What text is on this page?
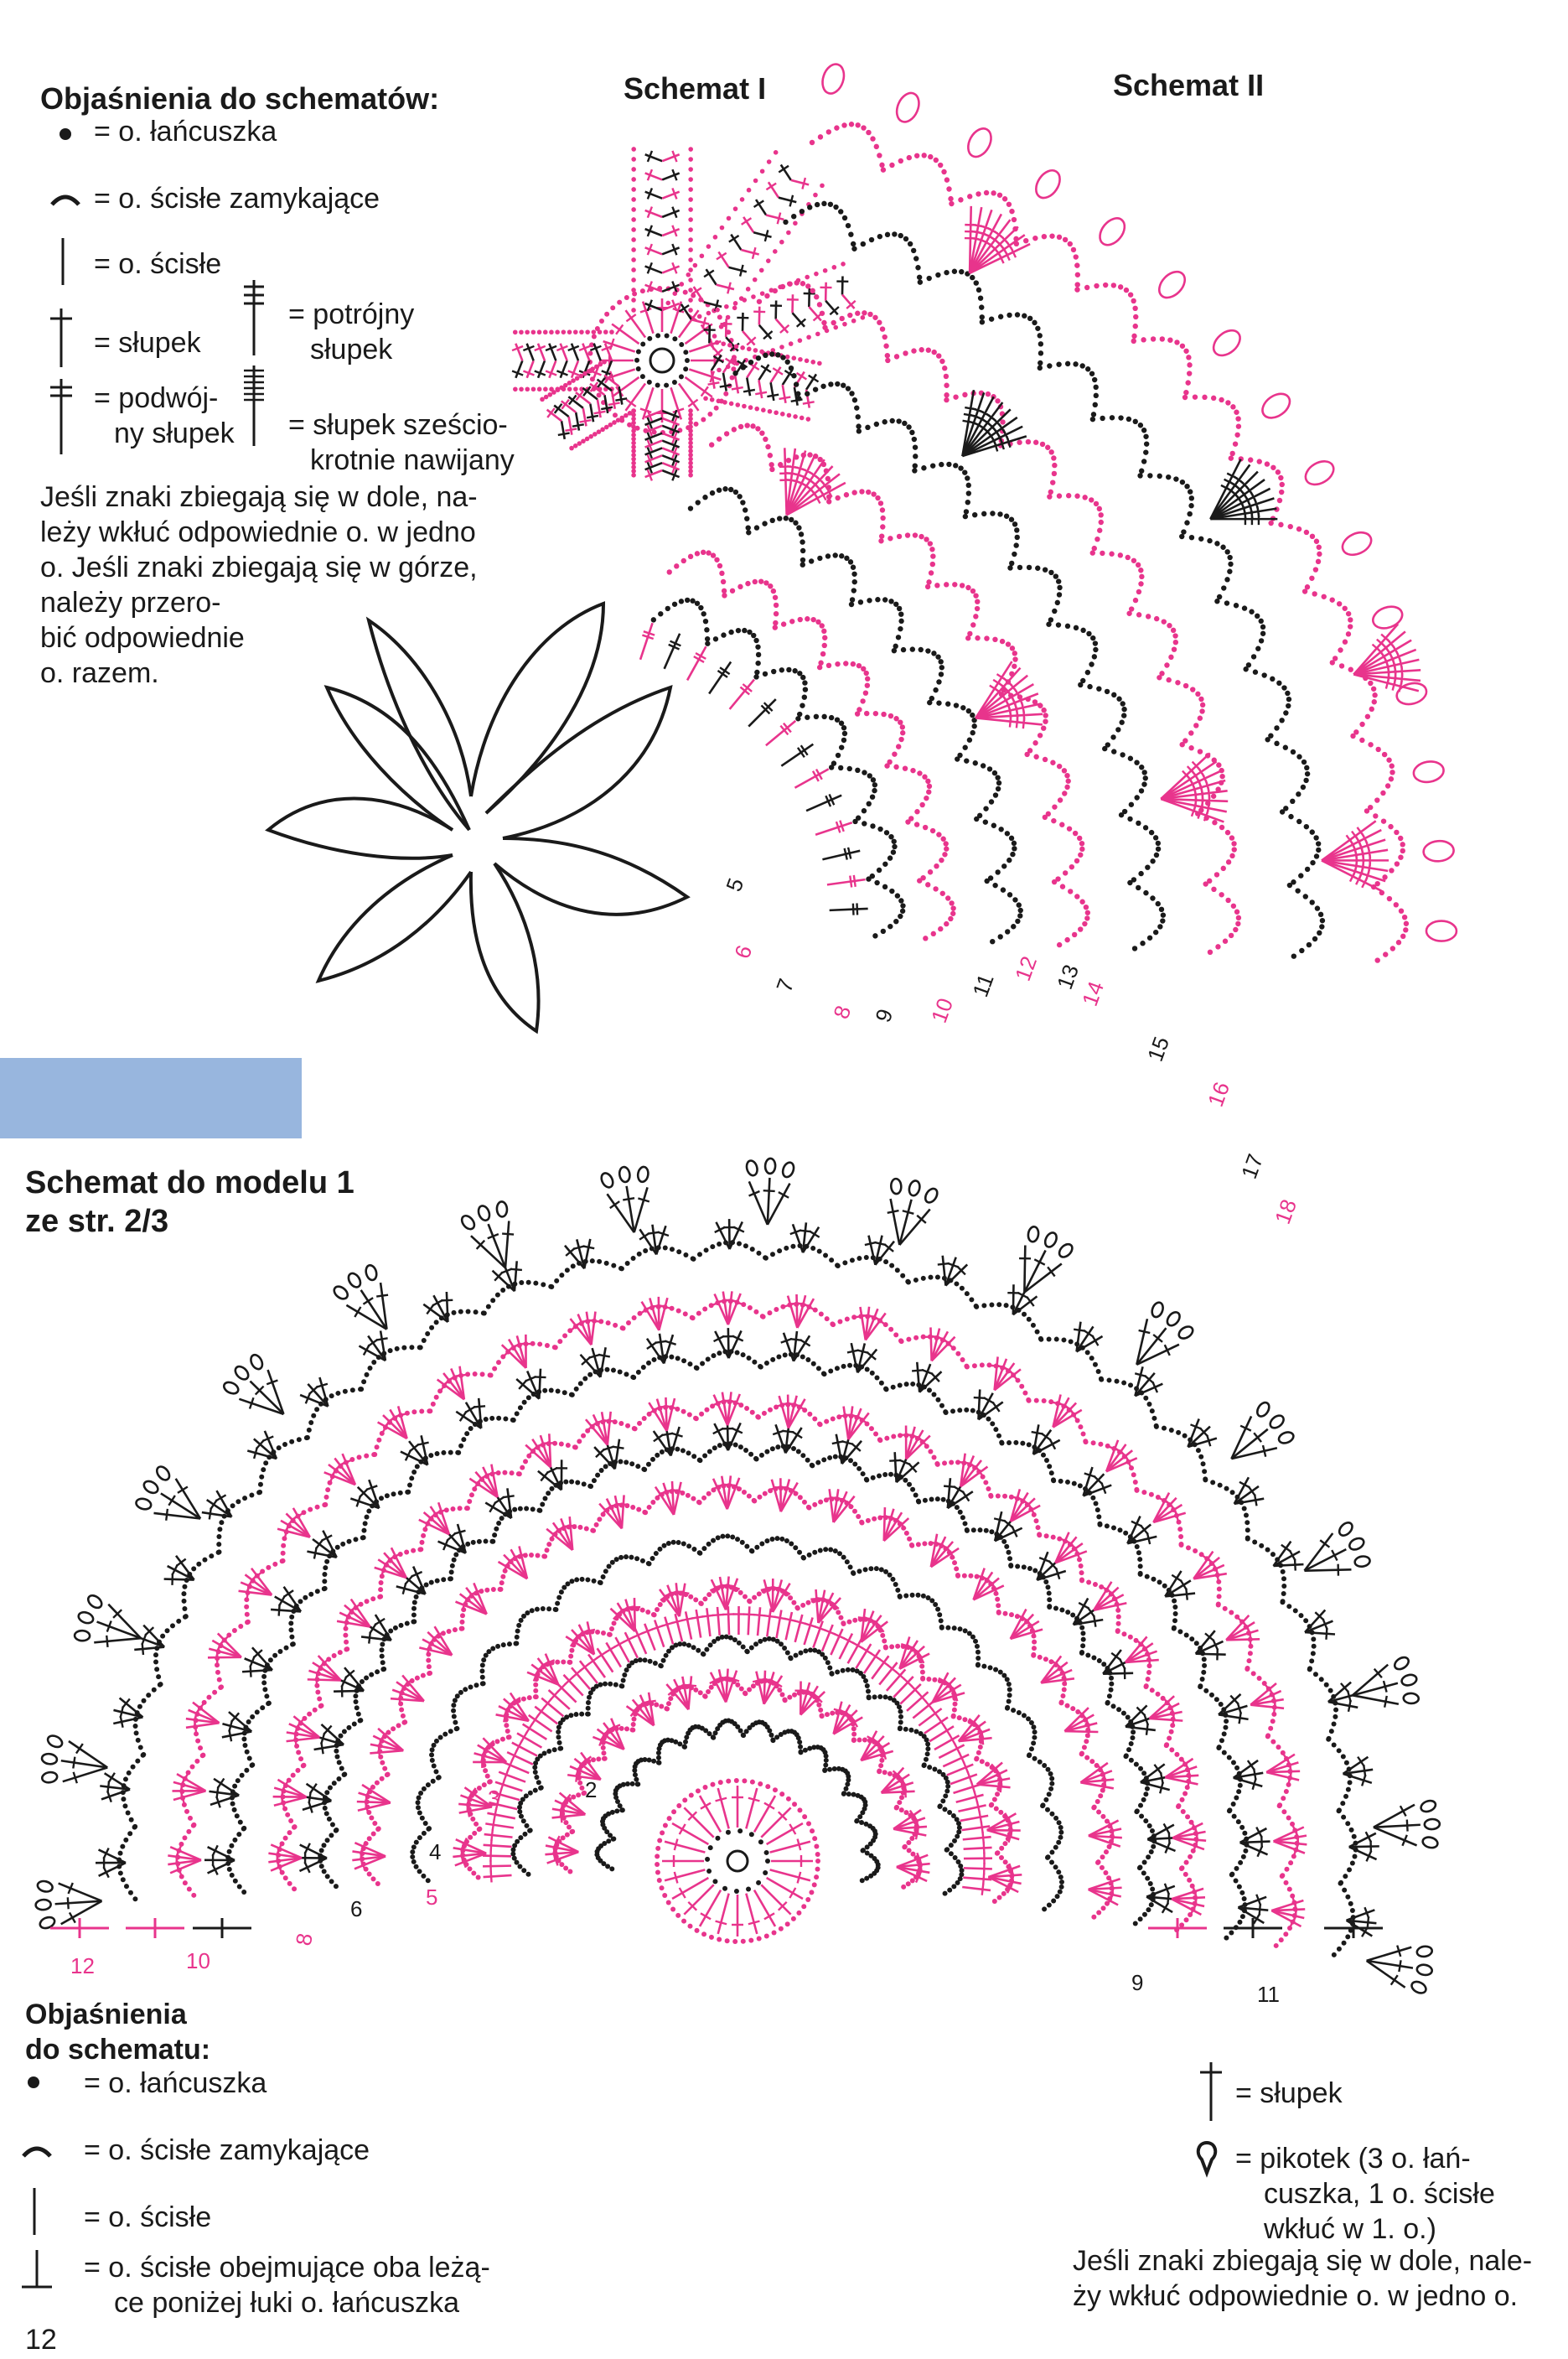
Objaśnienia do schematów:
= o. łańcuszka
= o. ścisłe zamykające
= o. ścisłe
= słupek
= potrójny
słupek
= podwój-
ny słupek = słupek sześcio-
krotnie nawijany
Jeśli znaki zbiegają się w dole, na-
leży wkłuć odpowiednie o. w jedno
o. Jeśli znaki zbiegają się w górze,
należy przero-
bić odpowiednie
o. razem.
Schemat I	Schemat II
5
6
7
8 9 10
11
12 13
14
15
16
17
18
Schemat do modelu 1
ze str. 2/3
2
3
4
5
6
8
9
10
11
12
Objaśnienia
do schematu:
= o. łańcuszka
= o. ścisłe zamykające
= o. ścisłe
= o. ścisłe obejmujące oba leżą-
ce poniżej łuki o. łańcuszka
12
= słupek
= pikotek (3 o. łań-
cuszka, 1 o. ścisłe
wkłuć w 1. o.)
Jeśli znaki zbiegają się w dole, nale-
ży wkłuć odpowiednie o. w jedno o.
